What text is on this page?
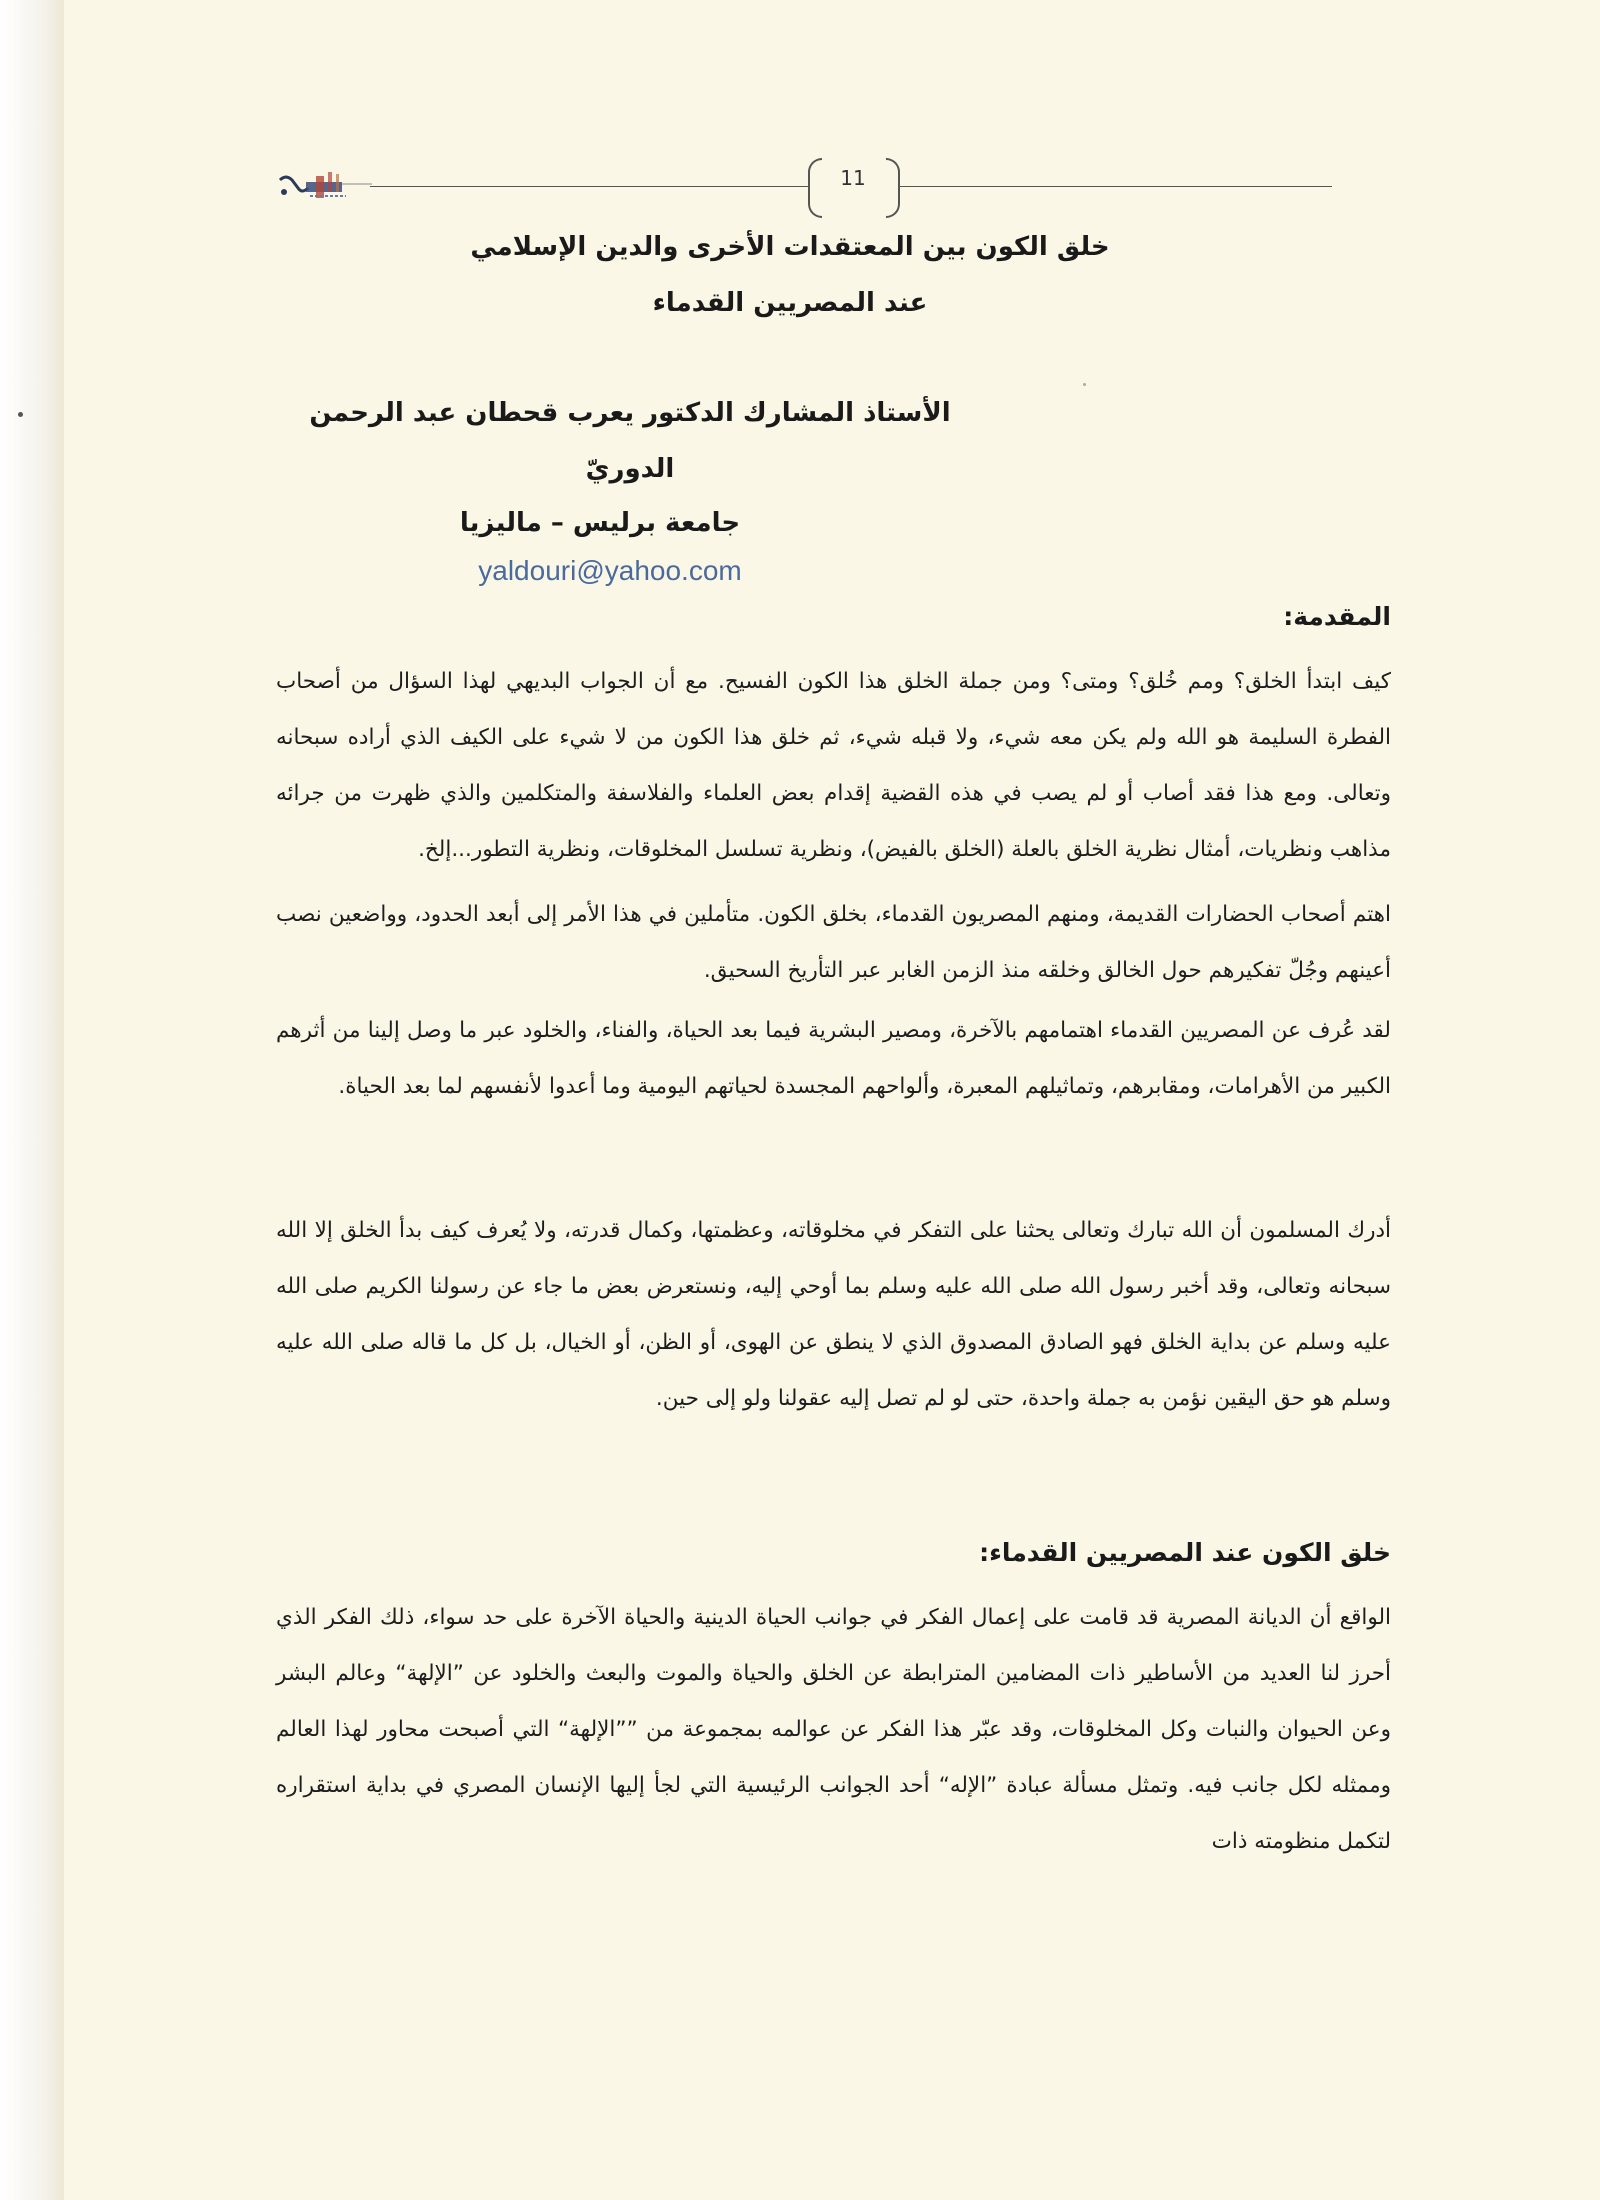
11
خلق الكون بين المعتقدات الأخرى والدين الإسلامي
عند المصريين القدماء
الأستاذ المشارك الدكتور يعرب قحطان عبد الرحمن
الدوريّ
جامعة برليس – ماليزيا
yaldouri@yahoo.com
المقدمة:

كيف ابتدأ الخلق؟ ومم خُلق؟ ومتى؟ ومن جملة الخلق هذا الكون الفسيح. مع أن الجواب البديهي لهذا السؤال من أصحاب الفطرة السليمة هو الله ولم يكن معه شيء، ولا قبله شيء، ثم خلق هذا الكون من لا شيء على الكيف الذي أراده سبحانه وتعالى. ومع هذا فقد أصاب أو لم يصب في هذه القضية إقدام بعض العلماء والفلاسفة والمتكلمين والذي ظهرت من جرائه مذاهب ونظريات، أمثال نظرية الخلق بالعلة (الخلق بالفيض)، ونظرية تسلسل المخلوقات، ونظرية التطور...إلخ.

اهتم أصحاب الحضارات القديمة، ومنهم المصريون القدماء، بخلق الكون. متأملين في هذا الأمر إلى أبعد الحدود، وواضعين نصب أعينهم وجُلّ تفكيرهم حول الخالق وخلقه منذ الزمن الغابر عبر التأريخ السحيق.

لقد عُرف عن المصريين القدماء اهتمامهم بالآخرة، ومصير البشرية فيما بعد الحياة، والفناء، والخلود عبر ما وصل إلينا من أثرهم الكبير من الأهرامات، ومقابرهم، وتماثيلهم المعبرة، وألواحهم المجسدة لحياتهم اليومية وما أعدوا لأنفسهم لما بعد الحياة.

أدرك المسلمون أن الله تبارك وتعالى يحثنا على التفكر في مخلوقاته، وعظمتها، وكمال قدرته، ولا يُعرف كيف بدأ الخلق إلا الله سبحانه وتعالى، وقد أخبر رسول الله صلى الله عليه وسلم بما أوحي إليه، ونستعرض بعض ما جاء عن رسولنا الكريم صلى الله عليه وسلم عن بداية الخلق فهو الصادق المصدوق الذي لا ينطق عن الهوى، أو الظن، أو الخيال، بل كل ما قاله صلى الله عليه وسلم هو حق اليقين نؤمن به جملة واحدة، حتى لو لم تصل إليه عقولنا ولو إلى حين.

خلق الكون عند المصريين القدماء:

الواقع أن الديانة المصرية قد قامت على إعمال الفكر في جوانب الحياة الدينية والحياة الآخرة على حد سواء، ذلك الفكر الذي أحرز لنا العديد من الأساطير ذات المضامين المترابطة عن الخلق والحياة والموت والبعث والخلود عن ”الإلهة“ وعالم البشر وعن الحيوان والنبات وكل المخلوقات، وقد عبّر هذا الفكر عن عوالمه بمجموعة من ””الإلهة“ التي أصبحت محاور لهذا العالم وممثله لكل جانب فيه. وتمثل مسألة عبادة ”الإله“ أحد الجوانب الرئيسية التي لجأ إليها الإنسان المصري في بداية استقراره لتكمل منظومته ذات
